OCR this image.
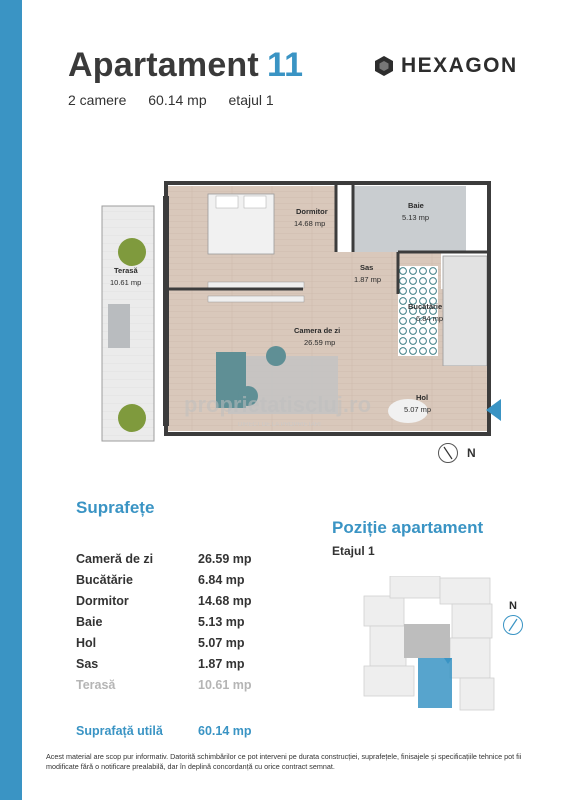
Apartament 11
2 camere 60.14 mp etajul 1
HEXAGON
Dormitor
14.68 mp
Baie
5.13 mp
Terasă
10.61 mp
Sas
1.87 mp
Bucătărie
6.84 mp
Camera de zi
26.59 mp
Hol
5.07 mp
proprietatiscluj.ro
DIRECT DE LA PROPRIETARI
N
Suprafețe
Cameră de zi	26.59 mp
Bucătărie	6.84 mp
Dormitor	14.68 mp
Baie	5.13 mp
Hol	5.07 mp
Sas	1.87 mp
Terasă	10.61 mp
Suprafață utilă	60.14 mp
Poziție apartament
Etajul 1
N
Acest material are scop pur informativ. Datorită schimbărilor ce pot interveni pe durata construcției, suprafețele, finisajele și specificațiile tehnice pot fii modificate fără o notificare prealabilă, dar în deplină concordanță cu orice contract semnat.
